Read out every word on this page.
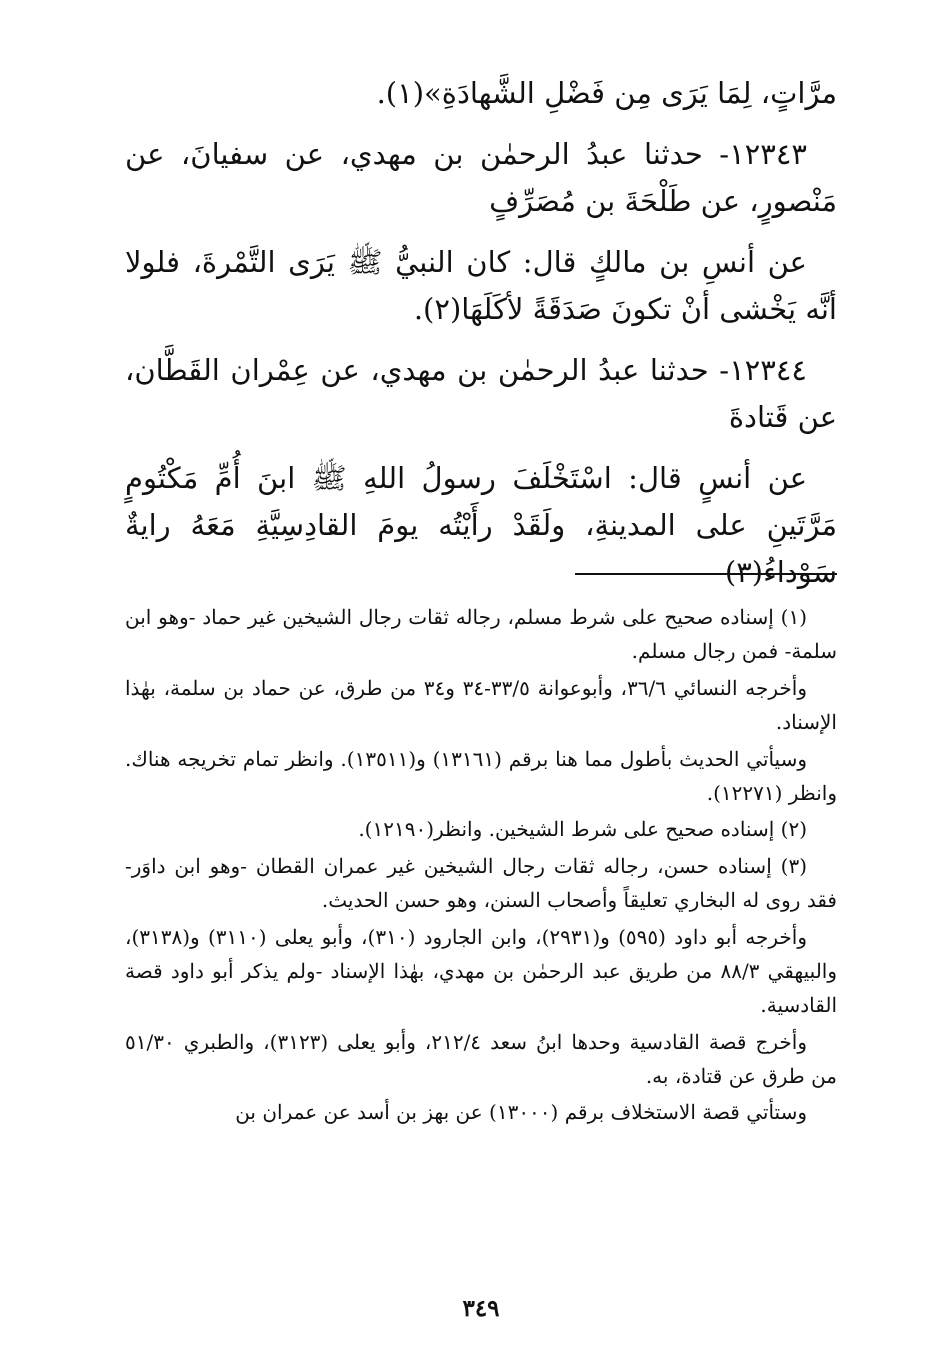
مرَّاتٍ، لِمَا يَرَى مِن فَضْلِ الشَّهادَةِ»(١).

١٢٣٤٣- حدثنا عبدُ الرحمٰن بن مهدي، عن سفيانَ، عن مَنْصورٍ، عن طَلْحَةَ بن مُصَرِّفٍ

عن أنسِ بن مالكٍ قال: كان النبيُّ ﷺ يَرَى التَّمْرةَ، فلولا أنَّه يَخْشى أنْ تكونَ صَدَقَةً لأكَلَهَا(٢).

١٢٣٤٤- حدثنا عبدُ الرحمٰن بن مهدي، عن عِمْران القَطَّان، عن قَتادةَ

عن أنسٍ قال: اسْتَخْلَفَ رسولُ اللهِ ﷺ ابنَ أُمِّ مَكْتُومٍ مَرَّتَينِ على المدينةِ، ولَقَدْ رأَيْتُه يومَ القادِسِيَّةِ مَعَهُ رايةٌ سَوْداءُ(٣)

(١) إسناده صحيح على شرط مسلم، رجاله ثقات رجال الشيخين غير حماد -وهو ابن سلمة- فمن رجال مسلم.

وأخرجه النسائي ٣٦/٦، وأبوعوانة ٣٣/٥-٣٤ و٣٤ من طرق، عن حماد بن سلمة، بهٰذا الإسناد.

وسيأتي الحديث بأطول مما هنا برقم (١٣١٦١) و(١٣٥١١). وانظر تمام تخريجه هناك. وانظر (١٢٢٧١).

(٢) إسناده صحيح على شرط الشيخين. وانظر(١٢١٩٠).

(٣) إسناده حسن، رجاله ثقات رجال الشيخين غير عمران القطان -وهو ابن داوَر- فقد روى له البخاري تعليقاً وأصحاب السنن، وهو حسن الحديث.

وأخرجه أبو داود (٥٩٥) و(٢٩٣١)، وابن الجارود (٣١٠)، وأبو يعلى (٣١١٠) و(٣١٣٨)، والبيهقي ٨٨/٣ من طريق عبد الرحمٰن بن مهدي، بهٰذا الإسناد -ولم يذكر أبو داود قصة القادسية.

وأخرج قصة القادسية وحدها ابنُ سعد ٢١٢/٤، وأبو يعلى (٣١٢٣)، والطبري ٥١/٣٠ من طرق عن قتادة، به.

وستأتي قصة الاستخلاف برقم (١٣٠٠٠) عن بهز بن أسد عن عمران بن

٣٤٩
